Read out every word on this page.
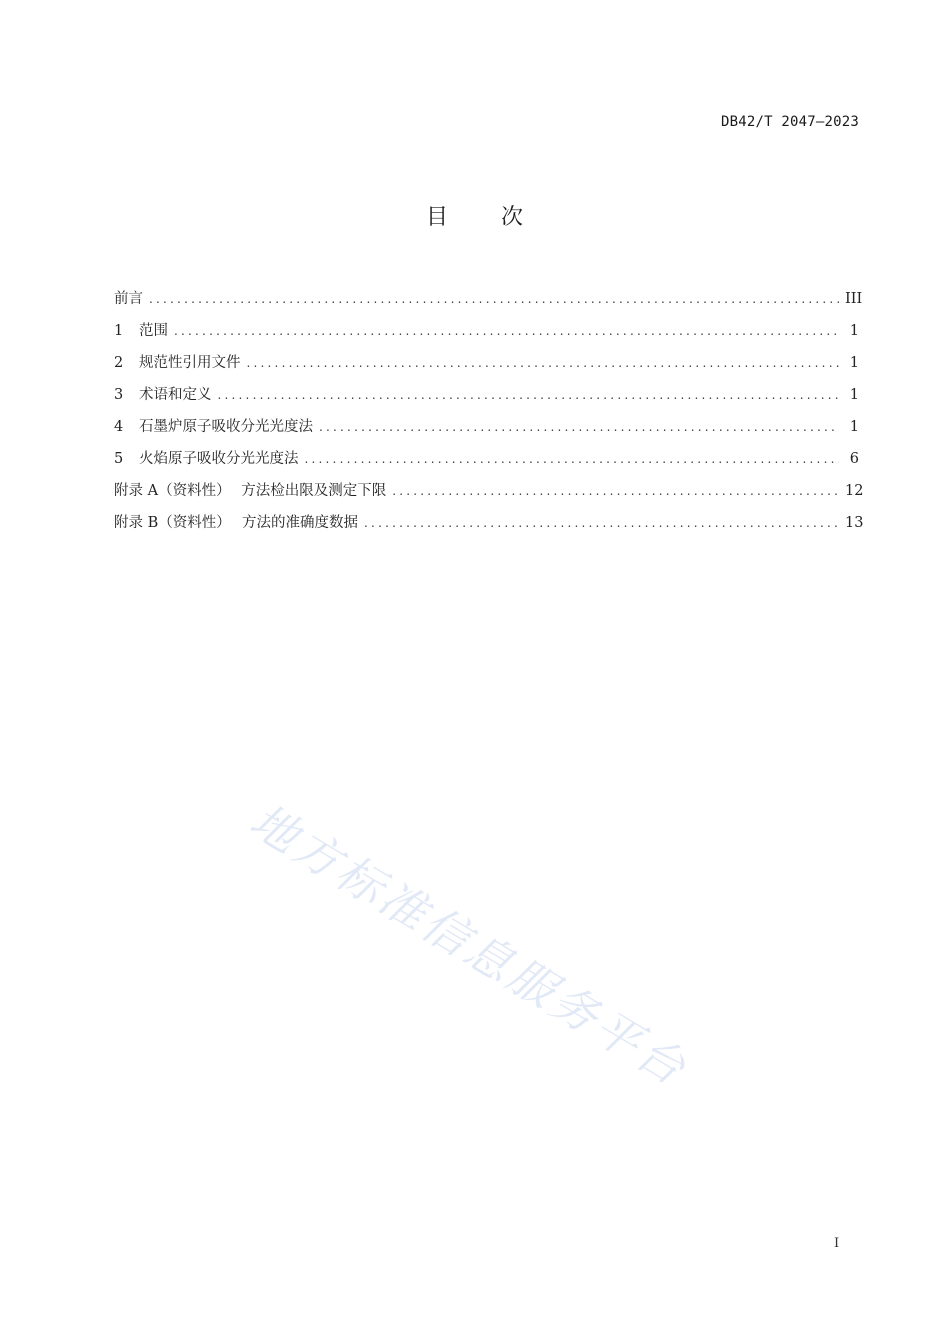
DB42/T 2047—2023
目 次
前言 .....	III
1	范围 .....	1
2	规范性引用文件 .....	1
3	术语和定义 .....	1
4	石墨炉原子吸收分光光度法 .....	1
5	火焰原子吸收分光光度法 .....	6
附录 A（资料性） 方法检出限及测定下限 .....	12
附录 B（资料性） 方法的准确度数据 .....	13
地方标准信息服务平台
I
